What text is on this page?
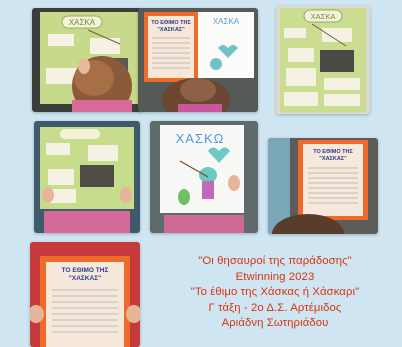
ΧΑΣΚΑ	ΤΟ ΕΘΙΜΟ ΤΗΣ
"ΧΑΣΚΑΣ"
ΧΑΣΚΑ
ΧΑΣΚΑ
ΧΑΣΚΩ
ΤΟ ΕΘΙΜΟ ΤΗΣ
"ΧΑΣΚΑΣ"
ΤΟ ΕΘΙΜΟ ΤΗΣ
"ΧΑΣΚΑΣ"
"Οι θησαυροί της παράδοσης"
Etwinning 2023
"Το έθιμο της Χάσκας ή Χάσκαρι"
Γ τάξη - 2ο Δ.Σ. Αρτέμιδος
Αριάδνη Σωτηριάδου
